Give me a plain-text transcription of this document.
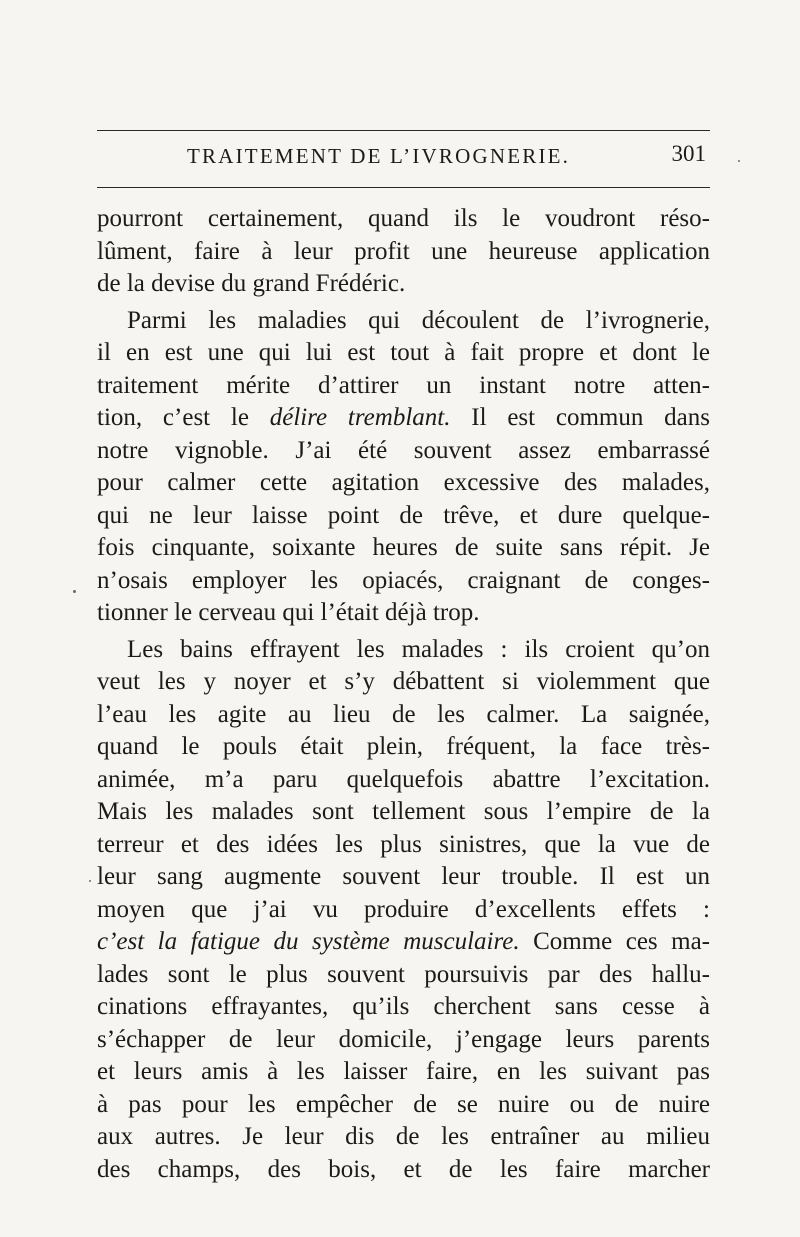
TRAITEMENT DE L’IVROGNERIE.	301
pourront certainement, quand ils le voudront réso-
lûment, faire à leur profit une heureuse application
de la devise du grand Frédéric.
Parmi les maladies qui découlent de l’ivrognerie,
il en est une qui lui est tout à fait propre et dont le
traitement mérite d’attirer un instant notre atten-
tion, c’est le délire tremblant. Il est commun dans
notre vignoble. J’ai été souvent assez embarrassé
pour calmer cette agitation excessive des malades,
qui ne leur laisse point de trêve, et dure quelque-
fois cinquante, soixante heures de suite sans répit. Je
n’osais employer les opiacés, craignant de conges-
tionner le cerveau qui l’était déjà trop.
Les bains effrayent les malades : ils croient qu’on
veut les y noyer et s’y débattent si violemment que
l’eau les agite au lieu de les calmer. La saignée,
quand le pouls était plein, fréquent, la face très-
animée, m’a paru quelquefois abattre l’excitation.
Mais les malades sont tellement sous l’empire de la
terreur et des idées les plus sinistres, que la vue de
leur sang augmente souvent leur trouble. Il est un
moyen que j’ai vu produire d’excellents effets :
c’est la fatigue du système musculaire. Comme ces ma-
lades sont le plus souvent poursuivis par des hallu-
cinations effrayantes, qu’ils cherchent sans cesse à
s’échapper de leur domicile, j’engage leurs parents
et leurs amis à les laisser faire, en les suivant pas
à pas pour les empêcher de se nuire ou de nuire
aux autres. Je leur dis de les entraîner au milieu
des champs, des bois, et de les faire marcher
